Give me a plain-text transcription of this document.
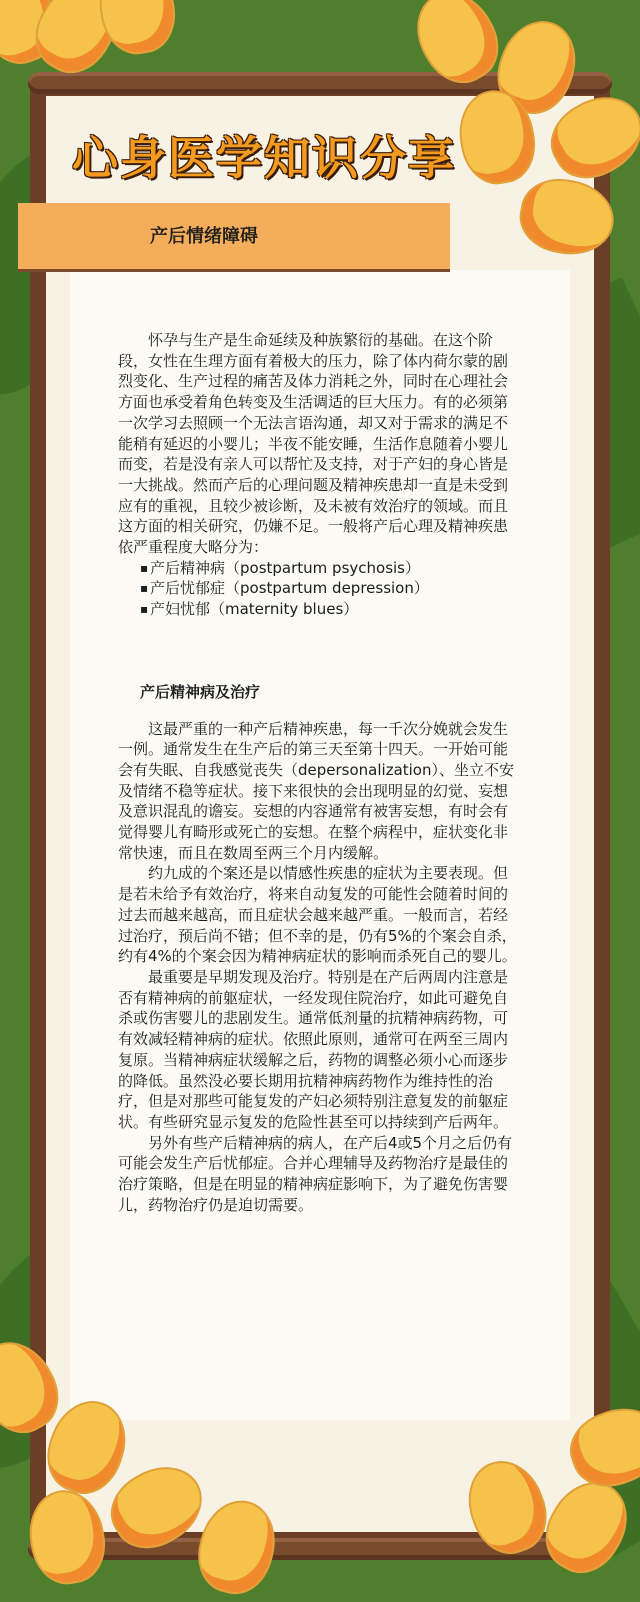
心身医学知识分享
产后情绪障碍

怀孕与生产是生命延续及种族繁衍的基础。在这个阶段，女性在生理方面有着极大的压力，除了体内荷尔蒙的剧烈变化、生产过程的痛苦及体力消耗之外，同时在心理社会方面也承受着角色转变及生活调适的巨大压力。有的必须第一次学习去照顾一个无法言语沟通，却又对于需求的满足不能稍有延迟的小婴儿；半夜不能安睡，生活作息随着小婴儿而变，若是没有亲人可以帮忙及支持，对于产妇的身心皆是一大挑战。然而产后的心理问题及精神疾患却一直是未受到应有的重视，且较少被诊断，及未被有效治疗的领域。而且这方面的相关研究，仍嫌不足。一般将产后心理及精神疾患依严重程度大略分为：

▪ 产后精神病（postpartum psychosis）
▪ 产后忧郁症（postpartum depression）
▪ 产妇忧郁（maternity blues）
产后精神病及治疗

这最严重的一种产后精神疾患，每一千次分娩就会发生一例。通常发生在生产后的第三天至第十四天。一开始可能会有失眠、自我感觉丧失（depersonalization）、坐立不安及情绪不稳等症状。接下来很快的会出现明显的幻觉、妄想及意识混乱的谵妄。妄想的内容通常有被害妄想，有时会有觉得婴儿有畸形或死亡的妄想。在整个病程中，症状变化非常快速，而且在数周至两三个月内缓解。

约九成的个案还是以情感性疾患的症状为主要表现。但是若未给予有效治疗，将来自动复发的可能性会随着时间的过去而越来越高，而且症状会越来越严重。一般而言，若经过治疗，预后尚不错；但不幸的是，仍有5%的个案会自杀，约有4%的个案会因为精神病症状的影响而杀死自己的婴儿。

最重要是早期发现及治疗。特别是在产后两周内注意是否有精神病的前躯症状，一经发现住院治疗，如此可避免自杀或伤害婴儿的悲剧发生。通常低剂量的抗精神病药物，可有效减轻精神病的症状。依照此原则，通常可在两至三周内复原。当精神病症状缓解之后，药物的调整必须小心而逐步的降低。虽然没必要长期用抗精神病药物作为维持性的治疗，但是对那些可能复发的产妇必须特别注意复发的前躯症状。有些研究显示复发的危险性甚至可以持续到产后两年。

另外有些产后精神病的病人，在产后4或5个月之后仍有可能会发生产后忧郁症。合并心理辅导及药物治疗是最佳的治疗策略，但是在明显的精神病症影响下，为了避免伤害婴儿，药物治疗仍是迫切需要。
